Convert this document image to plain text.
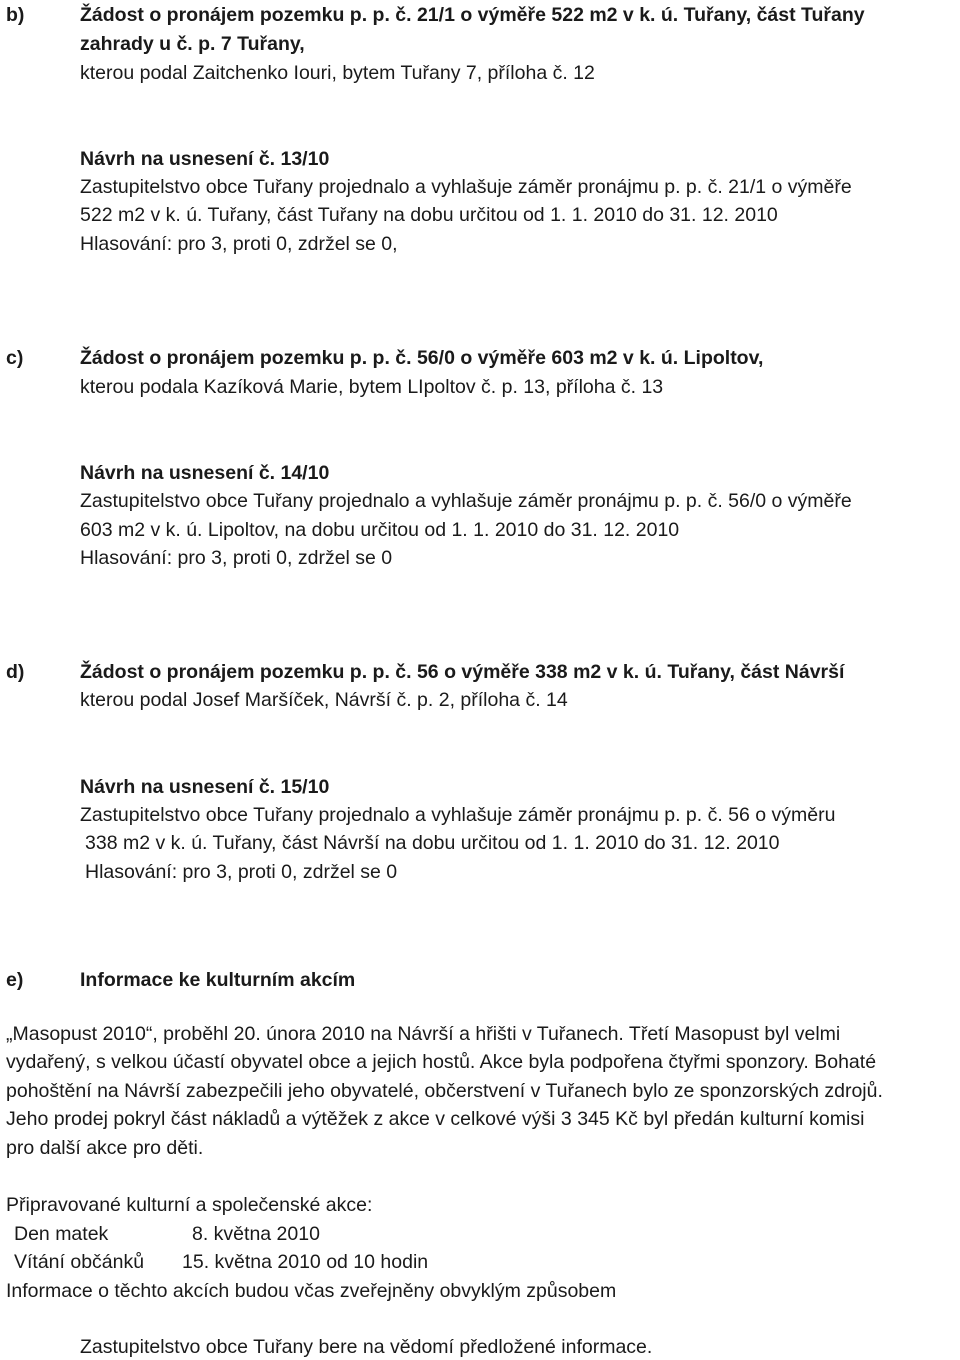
b)	Žádost o pronájem pozemku p. p. č. 21/1 o výměře 522 m2 v k. ú. Tuřany, část Tuřany
zahrady u č. p. 7 Tuřany,
kterou podal Zaitchenko Iouri, bytem Tuřany 7, příloha č. 12
Návrh na usnesení č. 13/10
Zastupitelstvo obce Tuřany projednalo a vyhlašuje záměr pronájmu p. p. č. 21/1 o výměře
522 m2 v k. ú. Tuřany, část Tuřany na dobu určitou od 1. 1. 2010 do 31. 12. 2010
Hlasování: pro 3, proti 0, zdržel se 0,
c)	Žádost o pronájem pozemku p. p. č. 56/0 o výměře 603 m2 v k. ú. Lipoltov,
kterou podala Kazíková Marie, bytem LIpoltov č. p. 13, příloha č. 13
Návrh na usnesení č. 14/10
Zastupitelstvo obce Tuřany projednalo a vyhlašuje záměr pronájmu p. p. č. 56/0 o výměře
603 m2 v k. ú. Lipoltov, na dobu určitou od 1. 1. 2010 do 31. 12. 2010
Hlasování: pro 3, proti 0, zdržel se 0
d)	Žádost o pronájem pozemku p. p. č. 56 o výměře 338 m2 v k. ú. Tuřany, část Návrší
kterou podal Josef Maršíček, Návrší č. p. 2, příloha č. 14
Návrh na usnesení č. 15/10
Zastupitelstvo obce Tuřany projednalo a vyhlašuje záměr pronájmu p. p. č. 56 o výměru
338 m2 v k. ú. Tuřany, část Návrší na dobu určitou od 1. 1. 2010 do 31. 12. 2010
Hlasování: pro 3, proti 0, zdržel se 0
e)	Informace ke kulturním akcím
„Masopust 2010“, proběhl 20. února 2010 na Návrší a hřišti v Tuřanech. Třetí Masopust byl velmi
vydařený, s velkou účastí obyvatel obce a jejich hostů. Akce byla podpořena čtyřmi sponzory. Bohaté
pohoštění na Návrší zabezpečili jeho obyvatelé, občerstvení v Tuřanech bylo ze sponzorských zdrojů.
Jeho prodej pokryl část nákladů a výtěžek z akce v celkové výši 3 345 Kč byl předán kulturní komisi
pro další akce pro děti.
Připravované kulturní a společenské akce:
Den matek	8. května 2010
Vítání občánků 15. května 2010 od 10 hodin
Informace o těchto akcích budou včas zveřejněny obvyklým způsobem
Zastupitelstvo obce Tuřany bere na vědomí předložené informace.
